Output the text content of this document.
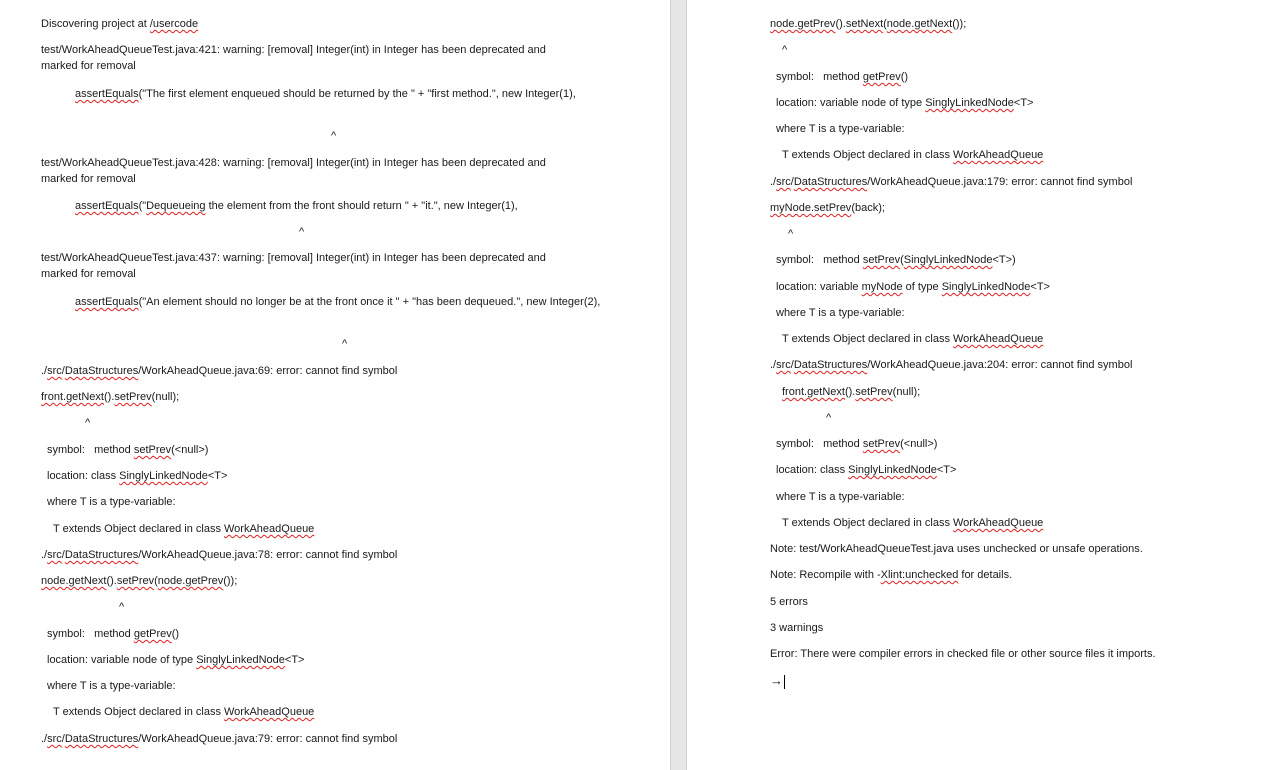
Discovering project at /usercode
test/WorkAheadQueueTest.java:421: warning: [removal] Integer(int) in Integer has been deprecated and marked for removal
assertEquals("The first element enqueued should be returned by the " + "first method.", new Integer(1),
^
test/WorkAheadQueueTest.java:428: warning: [removal] Integer(int) in Integer has been deprecated and marked for removal
assertEquals("Dequeueing the element from the front should return " + "it.", new Integer(1),
^
test/WorkAheadQueueTest.java:437: warning: [removal] Integer(int) in Integer has been deprecated and marked for removal
assertEquals("An element should no longer be at the front once it " + "has been dequeued.", new Integer(2),
^
./src/DataStructures/WorkAheadQueue.java:69: error: cannot find symbol
front.getNext().setPrev(null);
^
symbol:   method setPrev(<null>)
location: class SinglyLinkedNode<T>
where T is a type-variable:
T extends Object declared in class WorkAheadQueue
./src/DataStructures/WorkAheadQueue.java:78: error: cannot find symbol
node.getNext().setPrev(node.getPrev());
^
symbol:   method getPrev()
location: variable node of type SinglyLinkedNode<T>
where T is a type-variable:
T extends Object declared in class WorkAheadQueue
./src/DataStructures/WorkAheadQueue.java:79: error: cannot find symbol
node.getPrev().setNext(node.getNext());
^
symbol:   method getPrev()
location: variable node of type SinglyLinkedNode<T>
where T is a type-variable:
T extends Object declared in class WorkAheadQueue
./src/DataStructures/WorkAheadQueue.java:179: error: cannot find symbol
myNode.setPrev(back);
^
symbol:   method setPrev(SinglyLinkedNode<T>)
location: variable myNode of type SinglyLinkedNode<T>
where T is a type-variable:
T extends Object declared in class WorkAheadQueue
./src/DataStructures/WorkAheadQueue.java:204: error: cannot find symbol
front.getNext().setPrev(null);
^
symbol:   method setPrev(<null>)
location: class SinglyLinkedNode<T>
where T is a type-variable:
T extends Object declared in class WorkAheadQueue
Note: test/WorkAheadQueueTest.java uses unchecked or unsafe operations.
Note: Recompile with -Xlint:unchecked for details.
5 errors
3 warnings
Error: There were compiler errors in checked file or other source files it imports.
→
